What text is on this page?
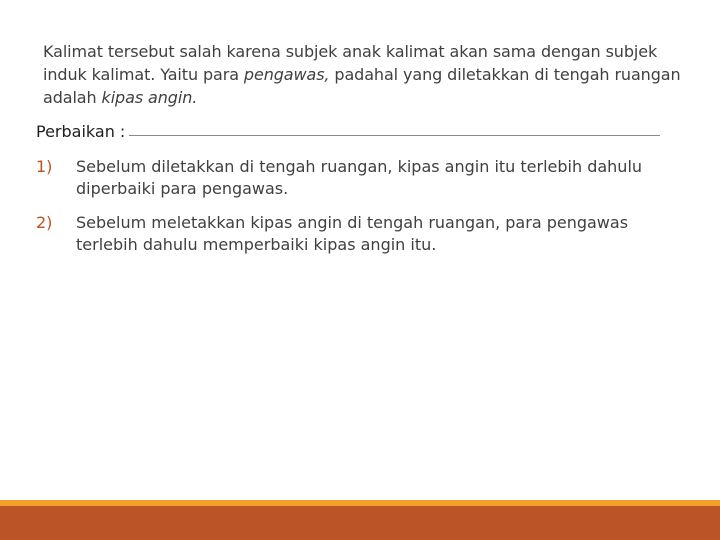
Kalimat tersebut salah karena subjek anak kalimat akan sama dengan subjek induk kalimat. Yaitu para pengawas, padahal yang diletakkan di tengah ruangan adalah kipas angin.
Perbaikan :
1) Sebelum diletakkan di tengah ruangan, kipas angin itu terlebih dahulu diperbaiki para pengawas.
2) Sebelum meletakkan kipas angin di tengah ruangan, para pengawas terlebih dahulu memperbaiki kipas angin itu.
